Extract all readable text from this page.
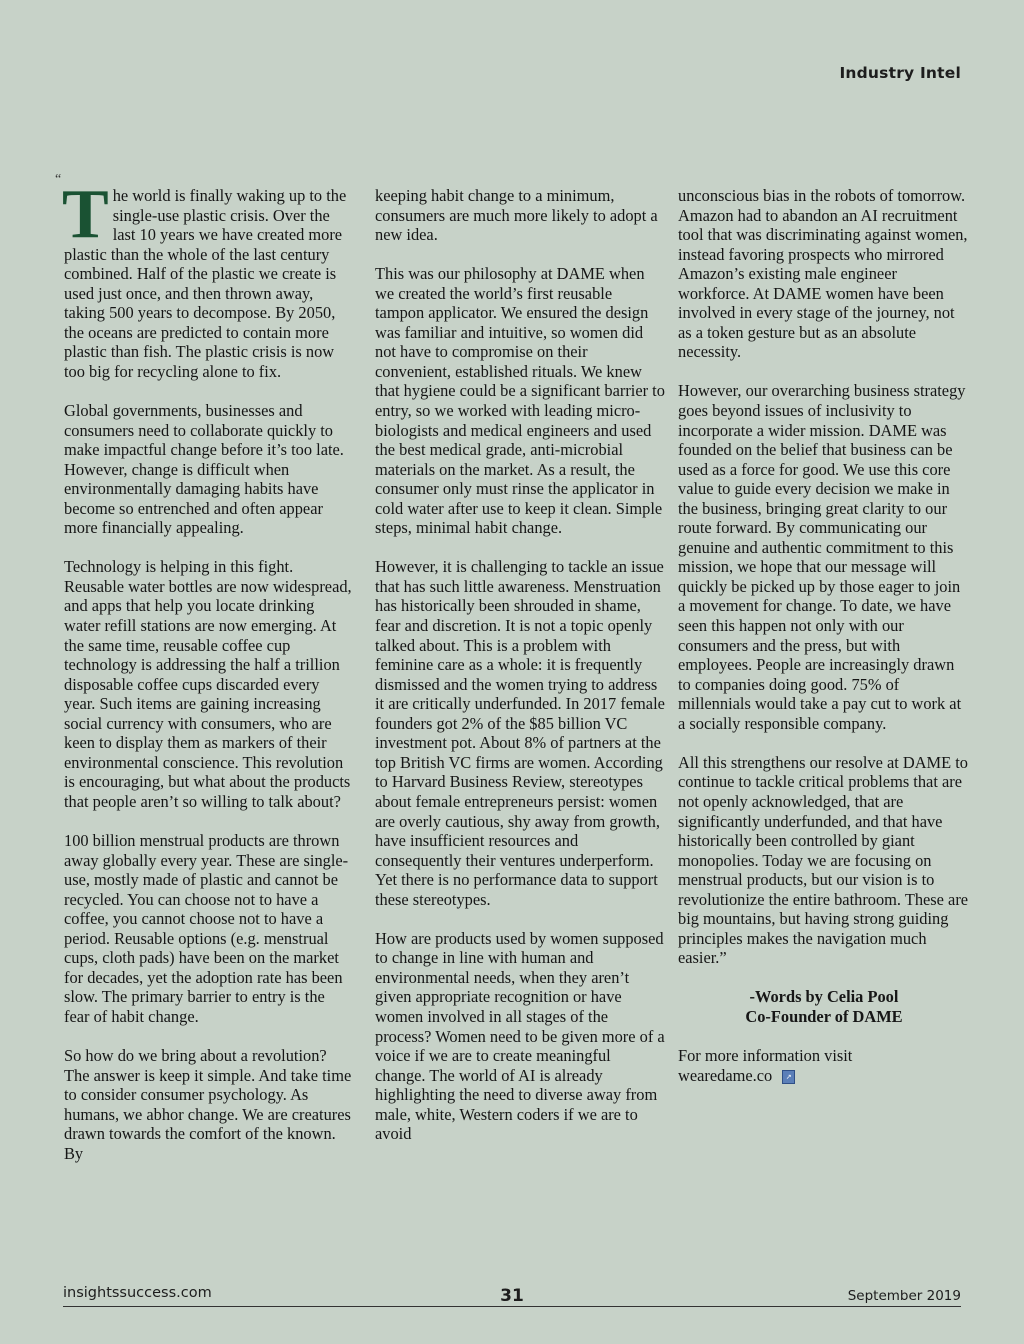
Industry Intel
“ The world is finally waking up to the single-use plastic crisis. Over the last 10 years we have created more plastic than the whole of the last century combined. Half of the plastic we create is used just once, and then thrown away, taking 500 years to decompose. By 2050, the oceans are predicted to contain more plastic than fish. The plastic crisis is now too big for recycling alone to fix.

Global governments, businesses and consumers need to collaborate quickly to make impactful change before it’s too late. However, change is difficult when environmentally damaging habits have become so entrenched and often appear more financially appealing.

Technology is helping in this fight. Reusable water bottles are now widespread, and apps that help you locate drinking water refill stations are now emerging. At the same time, reusable coffee cup technology is addressing the half a trillion disposable coffee cups discarded every year. Such items are gaining increasing social currency with consumers, who are keen to display them as markers of their environmental conscience. This revolution is encouraging, but what about the products that people aren’t so willing to talk about?

100 billion menstrual products are thrown away globally every year. These are single-use, mostly made of plastic and cannot be recycled. You can choose not to have a coffee, you cannot choose not to have a period. Reusable options (e.g. menstrual cups, cloth pads) have been on the market for decades, yet the adoption rate has been slow. The primary barrier to entry is the fear of habit change.

So how do we bring about a revolution? The answer is keep it simple. And take time to consider consumer psychology. As humans, we abhor change. We are creatures drawn towards the comfort of the known. By

keeping habit change to a minimum, consumers are much more likely to adopt a new idea.

This was our philosophy at DAME when we created the world’s first reusable tampon applicator. We ensured the design was familiar and intuitive, so women did not have to compromise on their convenient, established rituals. We knew that hygiene could be a significant barrier to entry, so we worked with leading micro-biologists and medical engineers and used the best medical grade, anti-microbial materials on the market. As a result, the consumer only must rinse the applicator in cold water after use to keep it clean. Simple steps, minimal habit change.

However, it is challenging to tackle an issue that has such little awareness. Menstruation has historically been shrouded in shame, fear and discretion. It is not a topic openly talked about. This is a problem with feminine care as a whole: it is frequently dismissed and the women trying to address it are critically underfunded. In 2017 female founders got 2% of the $85 billion VC investment pot. About 8% of partners at the top British VC firms are women. According to Harvard Business Review, stereotypes about female entrepreneurs persist: women are overly cautious, shy away from growth, have insufficient resources and consequently their ventures underperform. Yet there is no performance data to support these stereotypes.

How are products used by women supposed to change in line with human and environmental needs, when they aren’t given appropriate recognition or have women involved in all stages of the process? Women need to be given more of a voice if we are to create meaningful change. The world of AI is already highlighting the need to diverse away from male, white, Western coders if we are to avoid

unconscious bias in the robots of tomorrow. Amazon had to abandon an AI recruitment tool that was discriminating against women, instead favoring prospects who mirrored Amazon’s existing male engineer workforce. At DAME women have been involved in every stage of the journey, not as a token gesture but as an absolute necessity.

However, our overarching business strategy goes beyond issues of inclusivity to incorporate a wider mission. DAME was founded on the belief that business can be used as a force for good. We use this core value to guide every decision we make in the business, bringing great clarity to our route forward. By communicating our genuine and authentic commitment to this mission, we hope that our message will quickly be picked up by those eager to join a movement for change. To date, we have seen this happen not only with our consumers and the press, but with employees. People are increasingly drawn to companies doing good. 75% of millennials would take a pay cut to work at a socially responsible company.

All this strengthens our resolve at DAME to continue to tackle critical problems that are not openly acknowledged, that are significantly underfunded, and that have historically been controlled by giant monopolies. Today we are focusing on menstrual products, but our vision is to revolutionize the entire bathroom. These are big mountains, but having strong guiding principles makes the navigation much easier.”

-Words by Celia Pool
Co-Founder of DAME

For more information visit
wearedame.co ↗

insightssuccess.com	31	September 2019
